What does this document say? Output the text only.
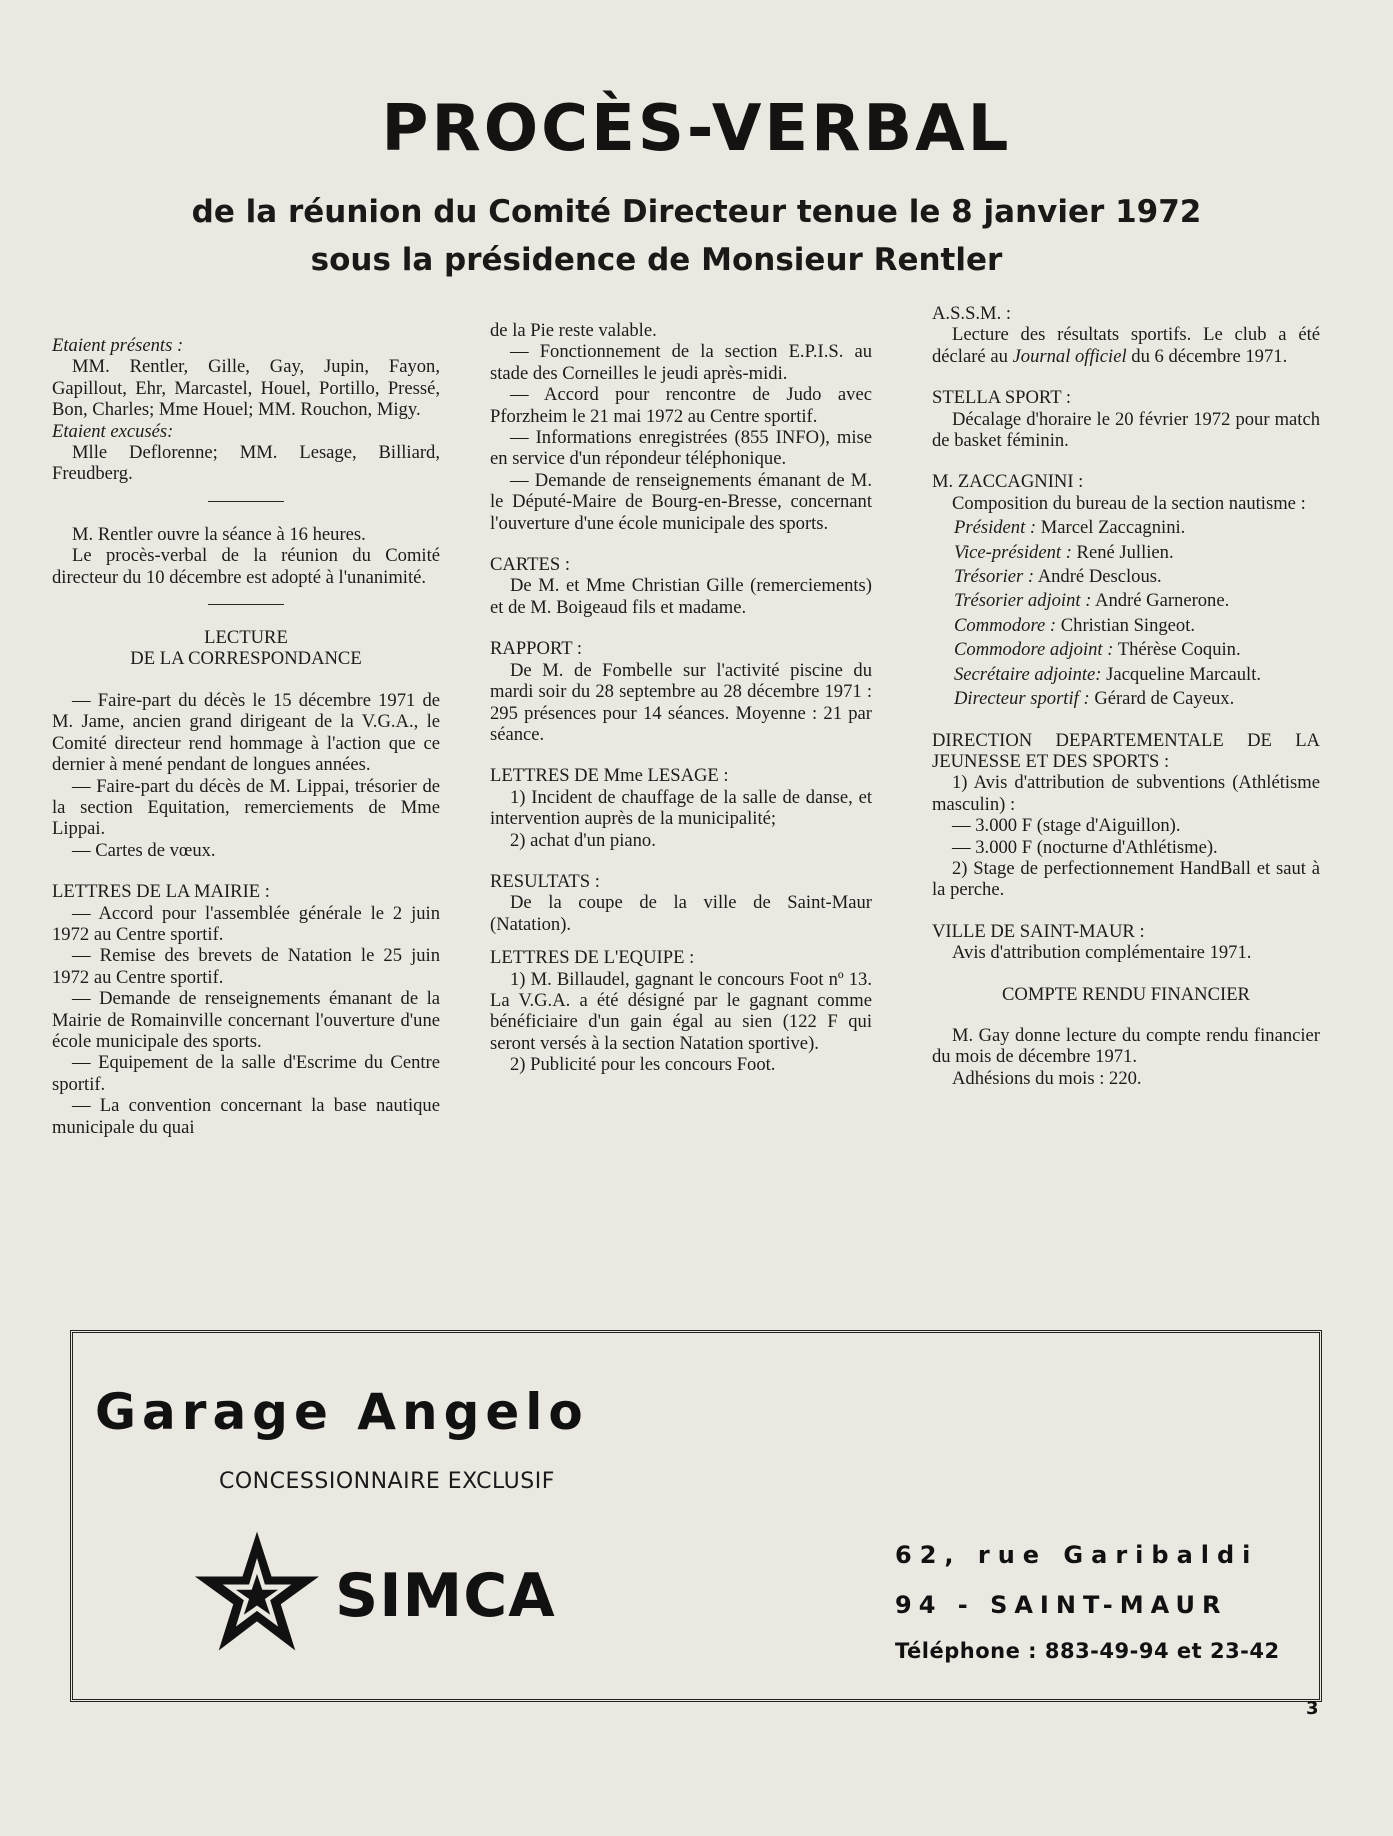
PROCÈS-VERBAL
de la réunion du Comité Directeur tenue le 8 janvier 1972
sous la présidence de Monsieur Rentler

Etaient présents :

MM. Rentler, Gille, Gay, Jupin, Fayon, Gapillout, Ehr, Marcastel, Houel, Portillo, Pressé, Bon, Charles; Mme Houel; MM. Rouchon, Migy.

Etaient excusés:

Mlle Deflorenne; MM. Lesage, Billiard, Freudberg.

M. Rentler ouvre la séance à 16 heures.

Le procès-verbal de la réunion du Comité directeur du 10 décembre est adopté à l'unanimité.

LECTURE

DE LA CORRESPONDANCE

— Faire-part du décès le 15 décembre 1971 de M. Jame, ancien grand dirigeant de la V.G.A., le Comité directeur rend hommage à l'action que ce dernier à mené pendant de longues années.

— Faire-part du décès de M. Lippai, trésorier de la section Equitation, remerciements de Mme Lippai.

— Cartes de vœux.

LETTRES DE LA MAIRIE :

— Accord pour l'assemblée générale le 2 juin 1972 au Centre sportif.

— Remise des brevets de Natation le 25 juin 1972 au Centre sportif.

— Demande de renseignements émanant de la Mairie de Romainville concernant l'ouverture d'une école municipale des sports.

— Equipement de la salle d'Escrime du Centre sportif.

— La convention concernant la base nautique municipale du quai

de la Pie reste valable.

— Fonctionnement de la section E.P.I.S. au stade des Corneilles le jeudi après-midi.

— Accord pour rencontre de Judo avec Pforzheim le 21 mai 1972 au Centre sportif.

— Informations enregistrées (855 INFO), mise en service d'un répondeur téléphonique.

— Demande de renseignements émanant de M. le Député-Maire de Bourg-en-Bresse, concernant l'ouverture d'une école municipale des sports.

CARTES :

De M. et Mme Christian Gille (remerciements) et de M. Boigeaud fils et madame.

RAPPORT :

De M. de Fombelle sur l'activité piscine du mardi soir du 28 septembre au 28 décembre 1971 : 295 présences pour 14 séances. Moyenne : 21 par séance.

LETTRES DE Mme LESAGE :

1) Incident de chauffage de la salle de danse, et intervention auprès de la municipalité;

2) achat d'un piano.

RESULTATS :

De la coupe de la ville de Saint-Maur (Natation).

LETTRES DE L'EQUIPE :

1) M. Billaudel, gagnant le concours Foot nº 13. La V.G.A. a été désigné par le gagnant comme bénéficiaire d'un gain égal au sien (122 F qui seront versés à la section Natation sportive).

2) Publicité pour les concours Foot.

A.S.S.M. :

Lecture des résultats sportifs. Le club a été déclaré au Journal officiel du 6 décembre 1971.

STELLA SPORT :

Décalage d'horaire le 20 février 1972 pour match de basket féminin.

M. ZACCAGNINI :

Composition du bureau de la section nautisme :

Président : Marcel Zaccagnini.

Vice-président : René Jullien.

Trésorier : André Desclous.

Trésorier adjoint : André Garnerone.

Commodore : Christian Singeot.

Commodore adjoint : Thérèse Coquin.

Secrétaire adjointe: Jacqueline Marcault.

Directeur sportif : Gérard de Cayeux.

DIRECTION DEPARTEMENTALE DE LA JEUNESSE ET DES SPORTS :

1) Avis d'attribution de subventions (Athlétisme masculin) :

— 3.000 F (stage d'Aiguillon).

— 3.000 F (nocturne d'Athlétisme).

2) Stage de perfectionnement HandBall et saut à la perche.

VILLE DE SAINT-MAUR :

Avis d'attribution complémentaire 1971.

COMPTE RENDU FINANCIER

M. Gay donne lecture du compte rendu financier du mois de décembre 1971.

Adhésions du mois : 220.

Garage Angelo
CONCESSIONNAIRE EXCLUSIF
SIMCA
62, rue Garibaldi
94 - SAINT-MAUR
Téléphone : 883-49-94 et 23-42
3
